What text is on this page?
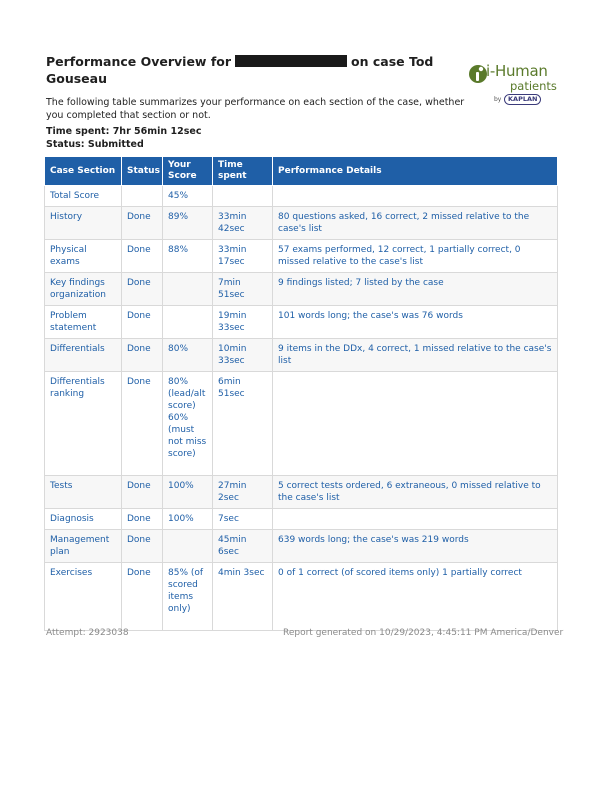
Performance Overview for	on case Tod Gouseau	i-Human
patients
by	KAPLAN

The following table summarizes your performance on each section of the case, whether you completed that section or not.

Time spent: 7hr 56min 12sec
Status: Submitted
Case Section	Status	Your Score	Time spent	Performance Details
Total Score		45%		
History	Done	89%	33min 42sec	80 questions asked, 16 correct, 2 missed relative to the case's list
Physical exams	Done	88%	33min 17sec	57 exams performed, 12 correct, 1 partially correct, 0 missed relative to the case's list
Key findings organization	Done		7min 51sec	9 findings listed; 7 listed by the case
Problem statement	Done		19min 33sec	101 words long; the case's was 76 words
Differentials	Done	80%	10min 33sec	9 items in the DDx, 4 correct, 1 missed relative to the case's list
Differentials ranking	Done	80% (lead/alt score) 60% (must not miss score)	6min 51sec	
Tests	Done	100%	27min 2sec	5 correct tests ordered, 6 extraneous, 0 missed relative to the case's list
Diagnosis	Done	100%	7sec	
Management plan	Done		45min 6sec	639 words long; the case's was 219 words
Exercises	Done	85% (of scored items only)	4min 3sec	0 of 1 correct (of scored items only) 1 partially correct
Attempt: 2923038	Report generated on 10/29/2023, 4:45:11 PM America/Denver
